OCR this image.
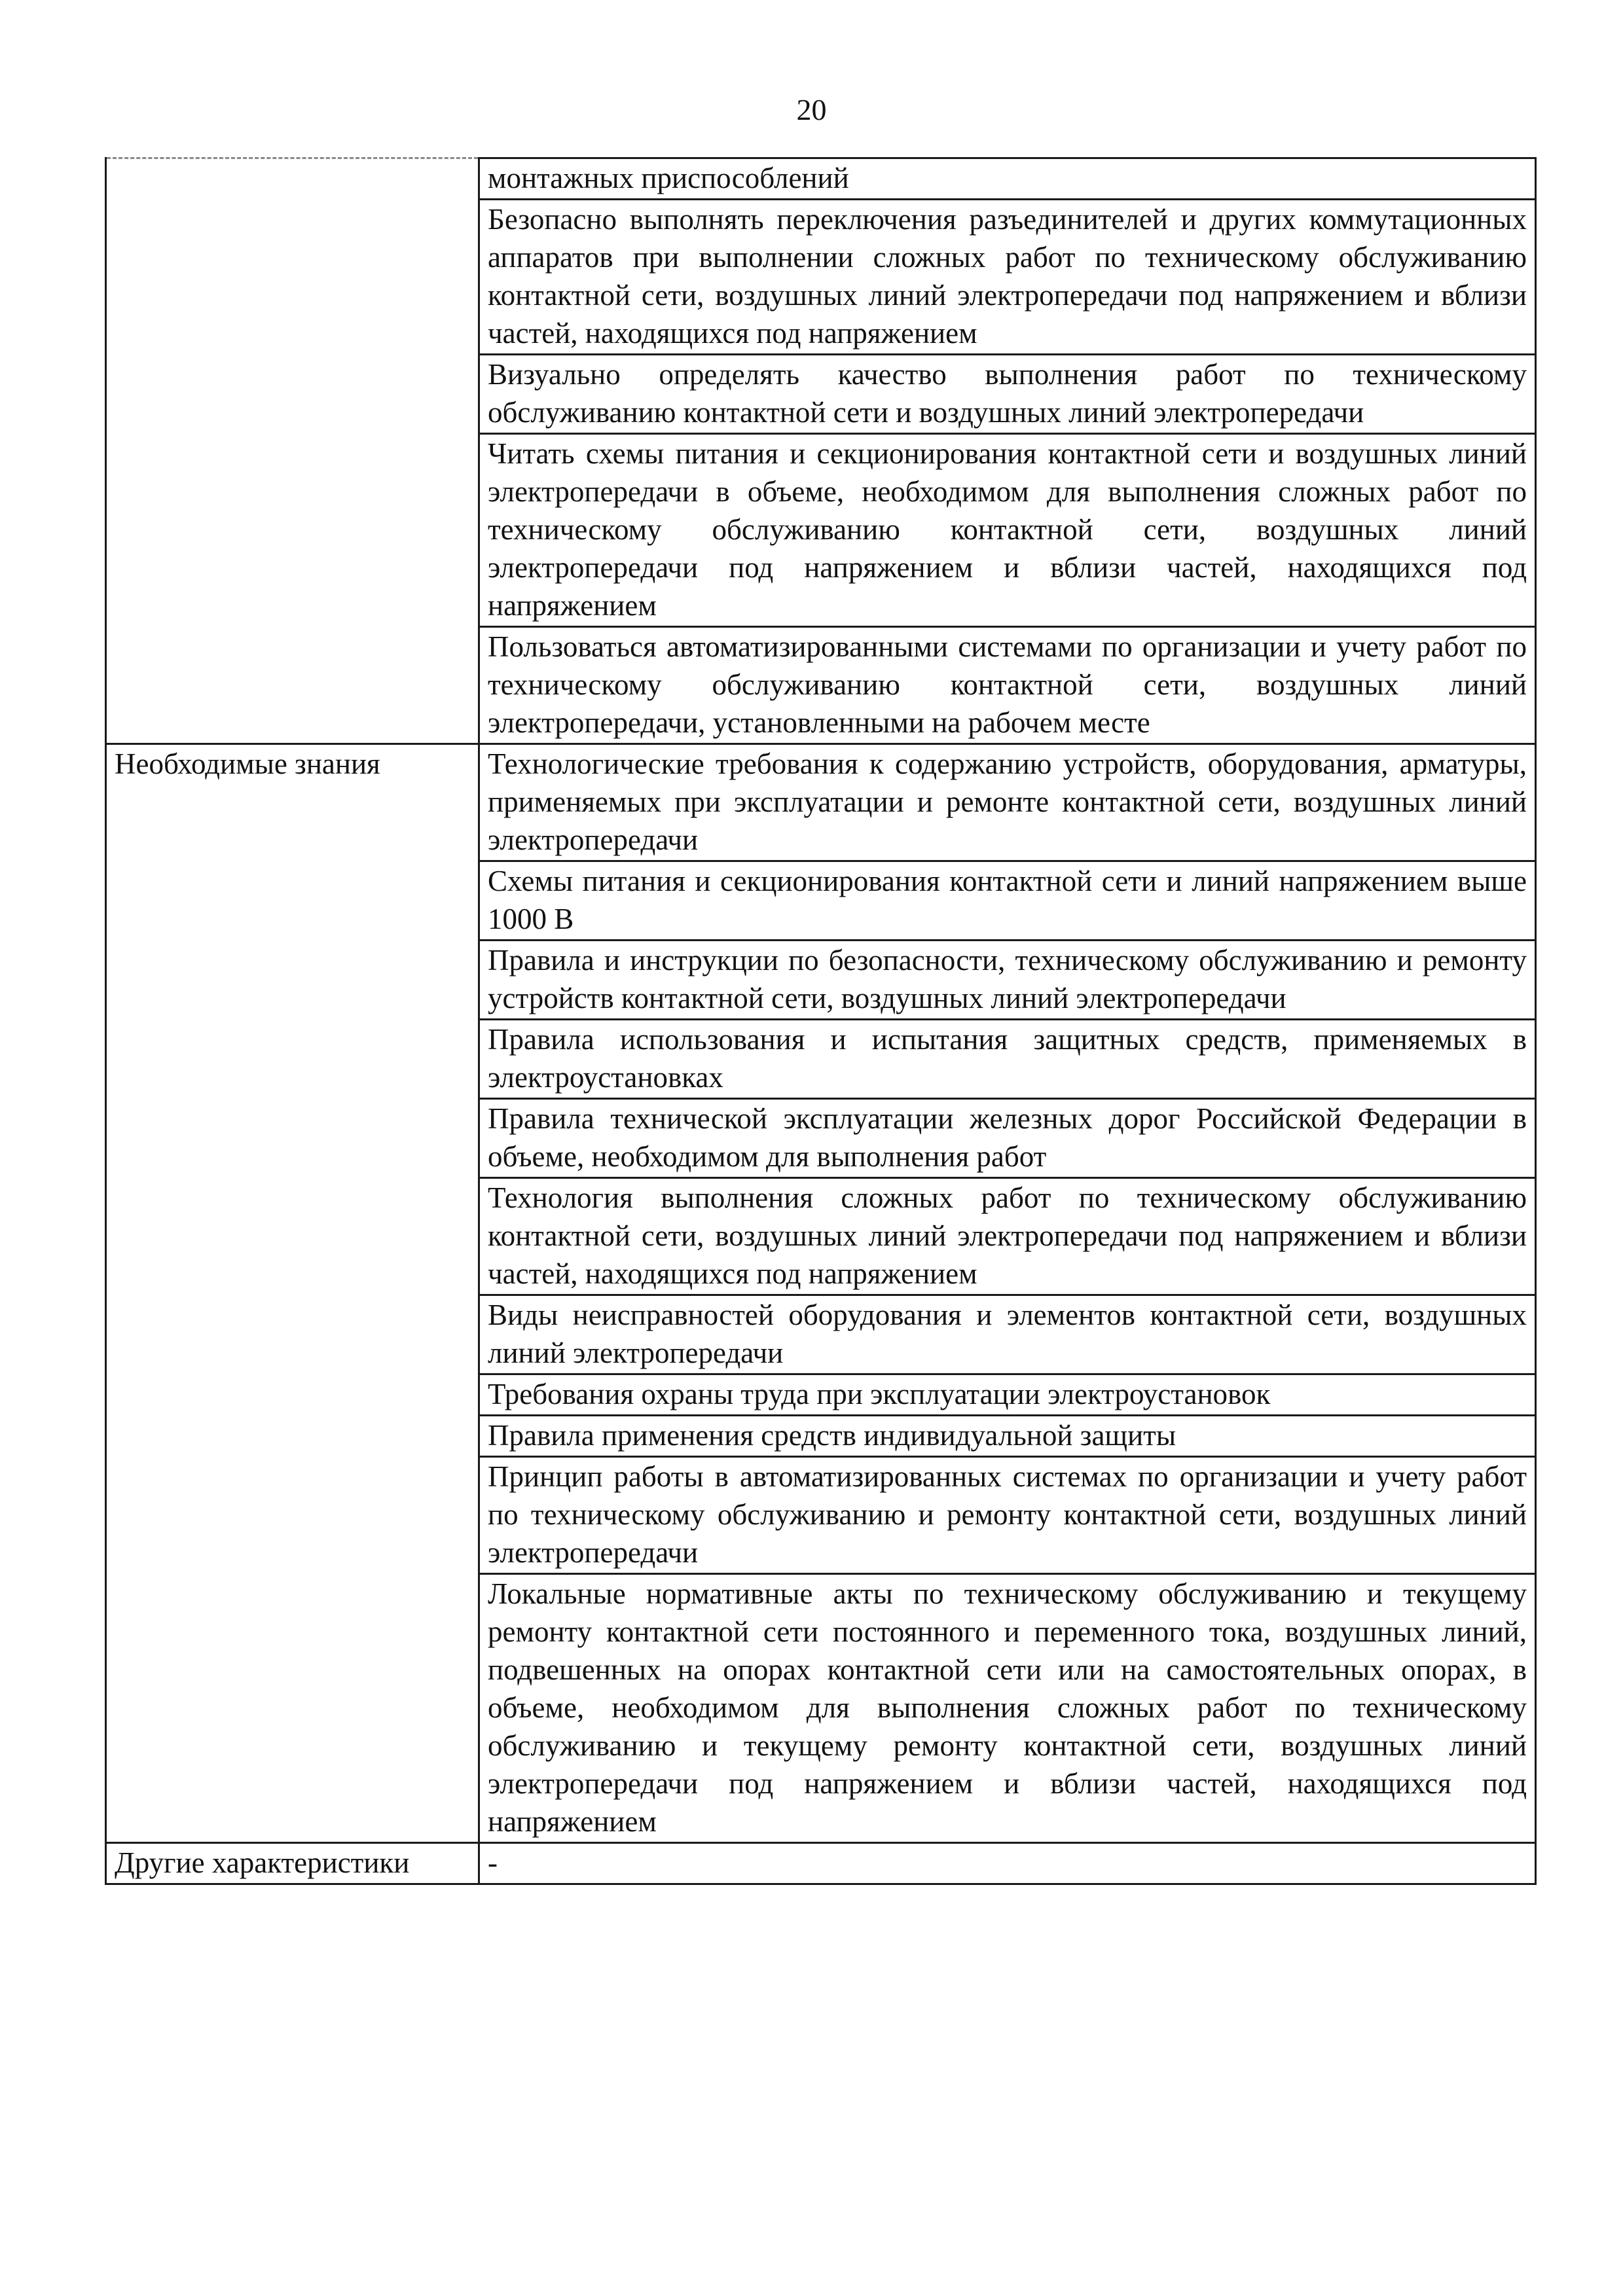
20

	монтажных приспособлений

	Безопасно выполнять переключения разъединителей и других коммутационных аппаратов при выполнении сложных работ по техническому обслуживанию контактной сети, воздушных линий электропередачи под напряжением и вблизи частей, находящихся под напряжением

	Визуально определять качество выполнения работ по техническому обслуживанию контактной сети и воздушных линий электропередачи

	Читать схемы питания и секционирования контактной сети и воздушных линий электропередачи в объеме, необходимом для выполнения сложных работ по техническому обслуживанию контактной сети, воздушных линий электропередачи под напряжением и вблизи частей, находящихся под напряжением

	Пользоваться автоматизированными системами по организации и учету работ по техническому обслуживанию контактной сети, воздушных линий электропередачи, установленными на рабочем месте

Необходимые знания	Технологические требования к содержанию устройств, оборудования, арматуры, применяемых при эксплуатации и ремонте контактной сети, воздушных линий электропередачи

	Схемы питания и секционирования контактной сети и линий напряжением выше 1000 В

	Правила и инструкции по безопасности, техническому обслуживанию и ремонту устройств контактной сети, воздушных линий электропередачи

	Правила использования и испытания защитных средств, применяемых в электроустановках

	Правила технической эксплуатации железных дорог Российской Федерации в объеме, необходимом для выполнения работ

	Технология выполнения сложных работ по техническому обслуживанию контактной сети, воздушных линий электропередачи под напряжением и вблизи частей, находящихся под напряжением

	Виды неисправностей оборудования и элементов контактной сети, воздушных линий электропередачи

	Требования охраны труда при эксплуатации электроустановок

	Правила применения средств индивидуальной защиты

	Принцип работы в автоматизированных системах по организации и учету работ по техническому обслуживанию и ремонту контактной сети, воздушных линий электропередачи

	Локальные нормативные акты по техническому обслуживанию и текущему ремонту контактной сети постоянного и переменного тока, воздушных линий, подвешенных на опорах контактной сети или на самостоятельных опорах, в объеме, необходимом для выполнения сложных работ по техническому обслуживанию и текущему ремонту контактной сети, воздушных линий электропередачи под напряжением и вблизи частей, находящихся под напряжением

Другие характеристики	-
